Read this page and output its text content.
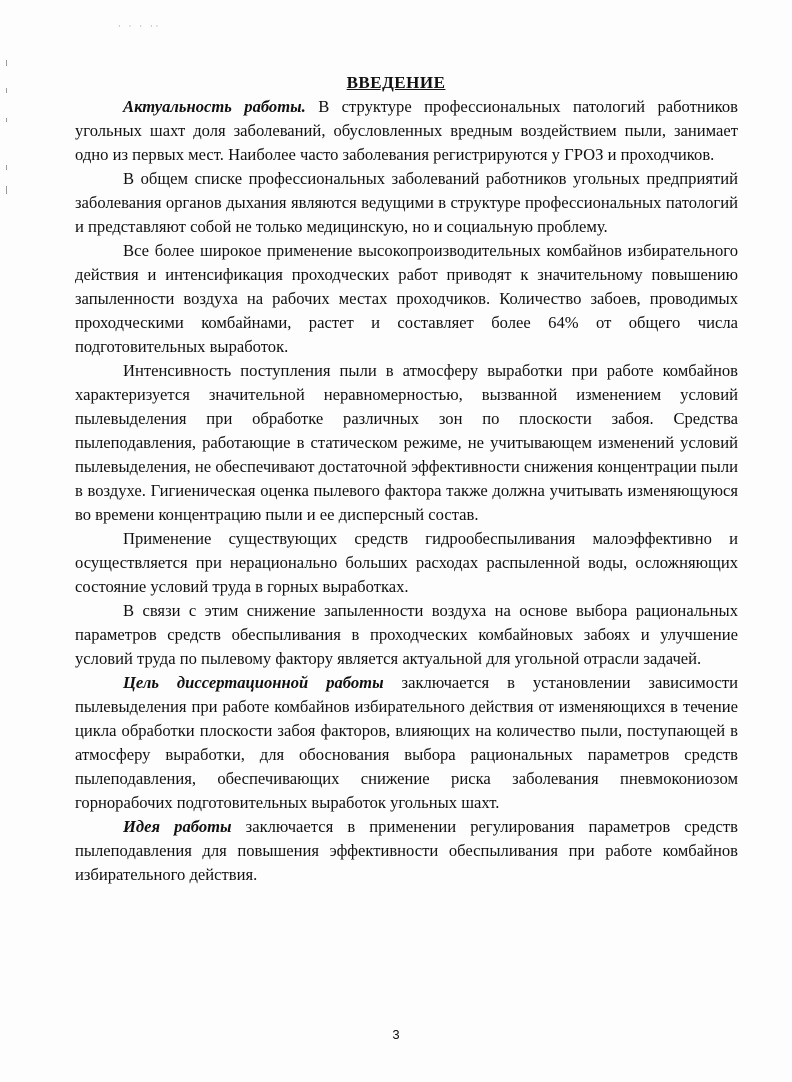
· · · ··
ВВЕДЕНИЕ

Актуальность работы. В структуре профессиональных патологий работников угольных шахт доля заболеваний, обусловленных вредным воздействием пыли, занимает одно из первых мест. Наиболее часто заболевания регистрируются у ГРОЗ и проходчиков.

В общем списке профессиональных заболеваний работников угольных предприятий заболевания органов дыхания являются ведущими в структуре профессиональных патологий и представляют собой не только медицинскую, но и социальную проблему.

Все более широкое применение высокопроизводительных комбайнов избирательного действия и интенсификация проходческих работ приводят к значительному повышению запыленности воздуха на рабочих местах проходчиков. Количество забоев, проводимых проходческими комбайнами, растет и составляет более 64% от общего числа подготовительных выработок.

Интенсивность поступления пыли в атмосферу выработки при работе комбайнов характеризуется значительной неравномерностью, вызванной изменением условий пылевыделения при обработке различных зон по плоскости забоя. Средства пылеподавления, работающие в статическом режиме, не учитывающем изменений условий пылевыделения, не обеспечивают достаточной эффективности снижения концентрации пыли в воздухе. Гигиеническая оценка пылевого фактора также должна учитывать изменяющуюся во времени концентрацию пыли и ее дисперсный состав.

Применение существующих средств гидрообеспыливания малоэффективно и осуществляется при нерационально больших расходах распыленной воды, осложняющих состояние условий труда в горных выработках.

В связи с этим снижение запыленности воздуха на основе выбора рациональных параметров средств обеспыливания в проходческих комбайновых забоях и улучшение условий труда по пылевому фактору является актуальной для угольной отрасли задачей.

Цель диссертационной работы заключается в установлении зависимости пылевыделения при работе комбайнов избирательного действия от изменяющихся в течение цикла обработки плоскости забоя факторов, влияющих на количество пыли, поступающей в атмосферу выработки, для обоснования выбора рациональных параметров средств пылеподавления, обеспечивающих снижение риска заболевания пневмокониозом горнорабочих подготовительных выработок угольных шахт.

Идея работы заключается в применении регулирования параметров средств пылеподавления для повышения эффективности обеспыливания при работе комбайнов избирательного действия.

3
